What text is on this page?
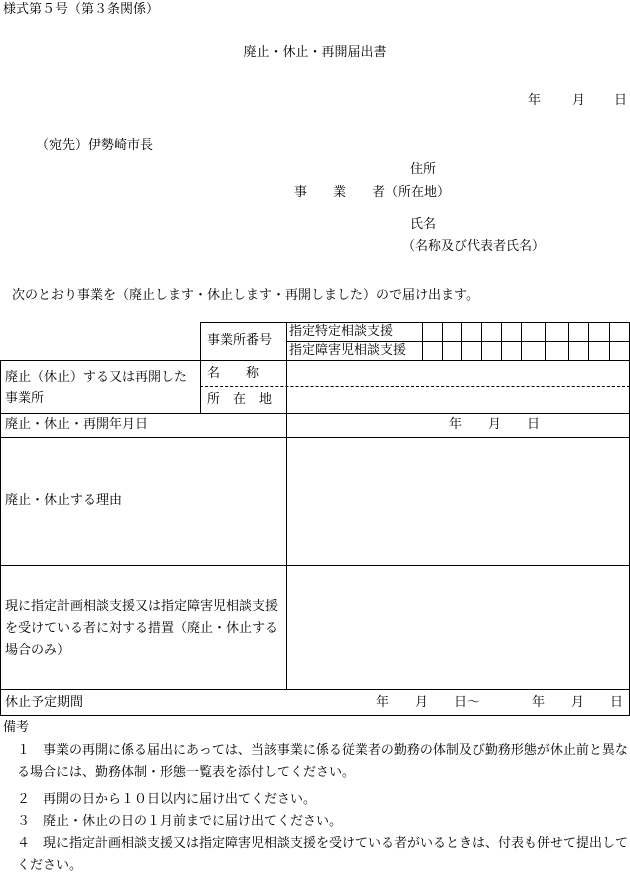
様式第５号（第３条関係）
廃止・休止・再開届出書
年 月 日
（宛先）伊勢崎市長
住所
事　　業　　者（所在地）
氏名
（名称及び代表者氏名）
次のとおり事業を（廃止します・休止します・再開しました）ので届け出ます。
事業所番号
指定特定相談支援
指定障害児相談支援
廃止（休止）する又は再開した事業所
名　　称
所　在　地
廃止・休止・再開年月日	年　　月　　日
廃止・休止する理由
現に指定計画相談支援又は指定障害児相談支援を受けている者に対する措置（廃止・休止する場合のみ）
休止予定期間	年　　月　　日～　　　　年　　月　　日
備考
１　事業の再開に係る届出にあっては、当該事業に係る従業者の勤務の体制及び勤務形態が休止前と異なる場合には、勤務体制・形態一覧表を添付してください。
２　再開の日から１０日以内に届け出てください。
３　廃止・休止の日の１月前までに届け出てください。
４　現に指定計画相談支援又は指定障害児相談支援を受けている者がいるときは、付表も併せて提出してください。
